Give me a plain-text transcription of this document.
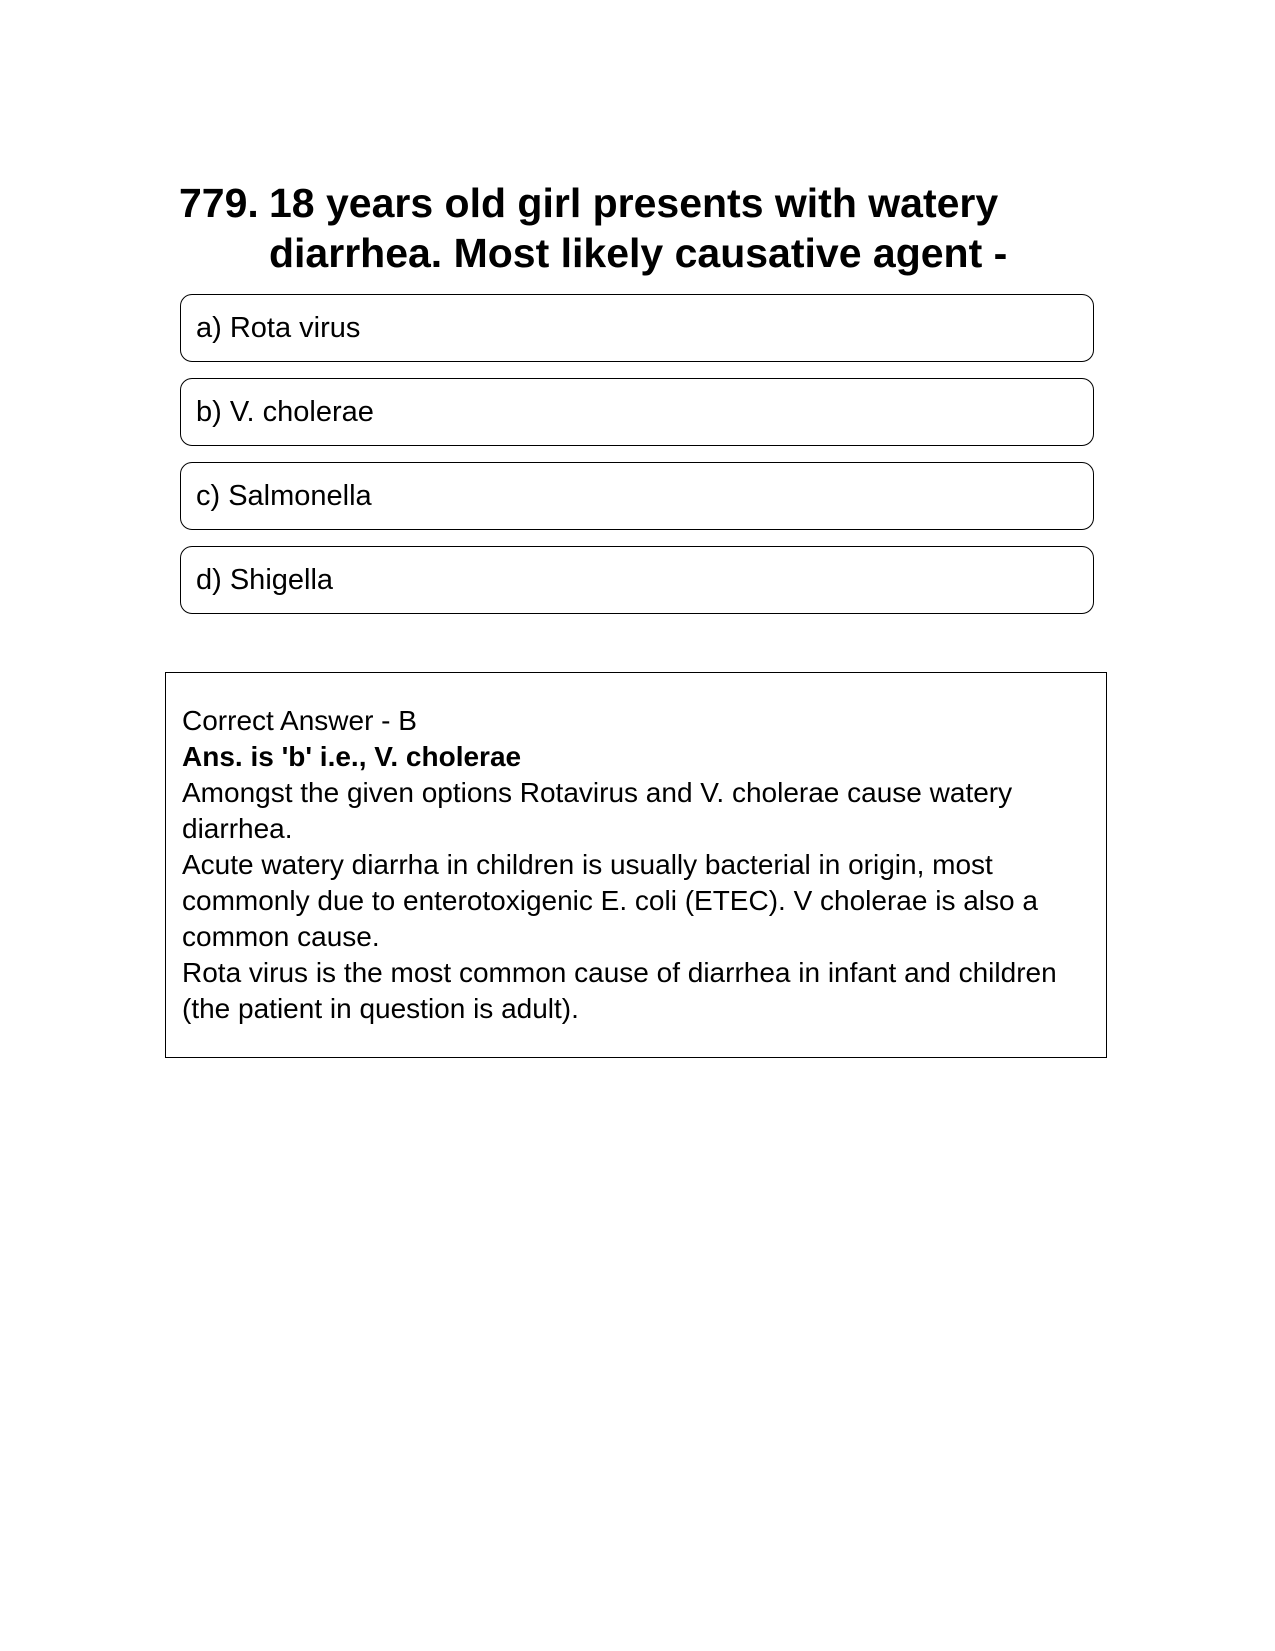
779. 18 years old girl presents with watery diarrhea. Most likely causative agent -
a) Rota virus
b) V. cholerae
c) Salmonella
d) Shigella

Correct Answer - B

Ans. is 'b' i.e., V. cholerae

Amongst the given options Rotavirus and V. cholerae cause watery diarrhea.

Acute watery diarrha in children is usually bacterial in origin, most commonly due to enterotoxigenic E. coli (ETEC). V cholerae is also a common cause.

Rota virus is the most common cause of diarrhea in infant and children (the patient in question is adult).
